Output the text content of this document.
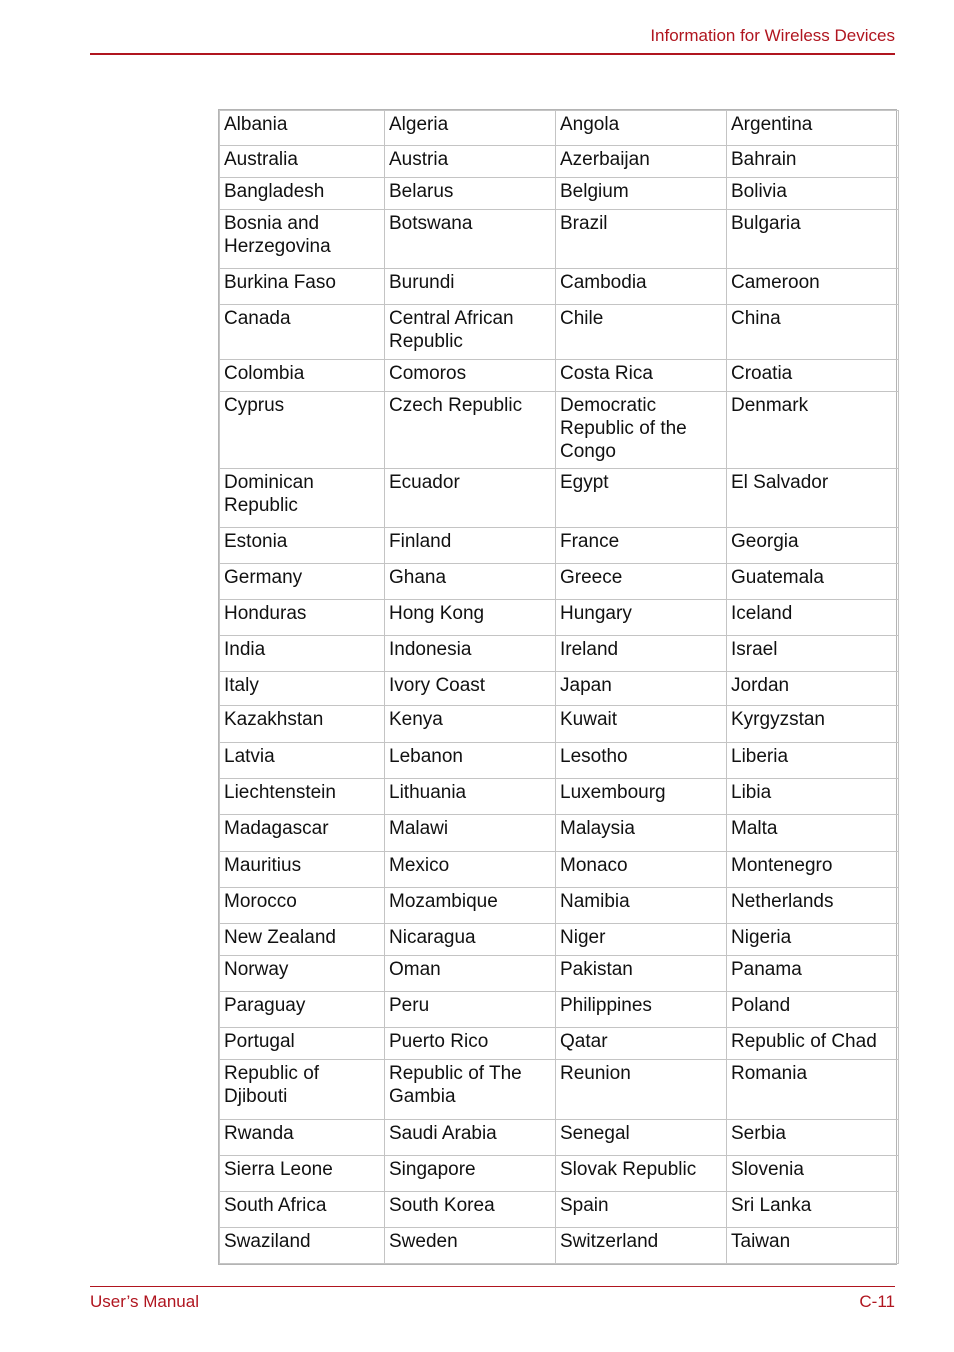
Information for Wireless Devices
Albania	Algeria	Angola	Argentina
Australia	Austria	Azerbaijan	Bahrain
Bangladesh	Belarus	Belgium	Bolivia
Bosnia and Herzegovina	Botswana	Brazil	Bulgaria
Burkina Faso	Burundi	Cambodia	Cameroon
Canada	Central African Republic	Chile	China
Colombia	Comoros	Costa Rica	Croatia
Cyprus	Czech Republic	Democratic Republic of the Congo	Denmark
Dominican Republic	Ecuador	Egypt	El Salvador
Estonia	Finland	France	Georgia
Germany	Ghana	Greece	Guatemala
Honduras	Hong Kong	Hungary	Iceland
India	Indonesia	Ireland	Israel
Italy	Ivory Coast	Japan	Jordan
Kazakhstan	Kenya	Kuwait	Kyrgyzstan
Latvia	Lebanon	Lesotho	Liberia
Liechtenstein	Lithuania	Luxembourg	Libia
Madagascar	Malawi	Malaysia	Malta
Mauritius	Mexico	Monaco	Montenegro
Morocco	Mozambique	Namibia	Netherlands
New Zealand	Nicaragua	Niger	Nigeria
Norway	Oman	Pakistan	Panama
Paraguay	Peru	Philippines	Poland
Portugal	Puerto Rico	Qatar	Republic of Chad
Republic of Djibouti	Republic of The Gambia	Reunion	Romania
Rwanda	Saudi Arabia	Senegal	Serbia
Sierra Leone	Singapore	Slovak Republic	Slovenia
South Africa	South Korea	Spain	Sri Lanka
Swaziland	Sweden	Switzerland	Taiwan
User’s Manual	C-11
